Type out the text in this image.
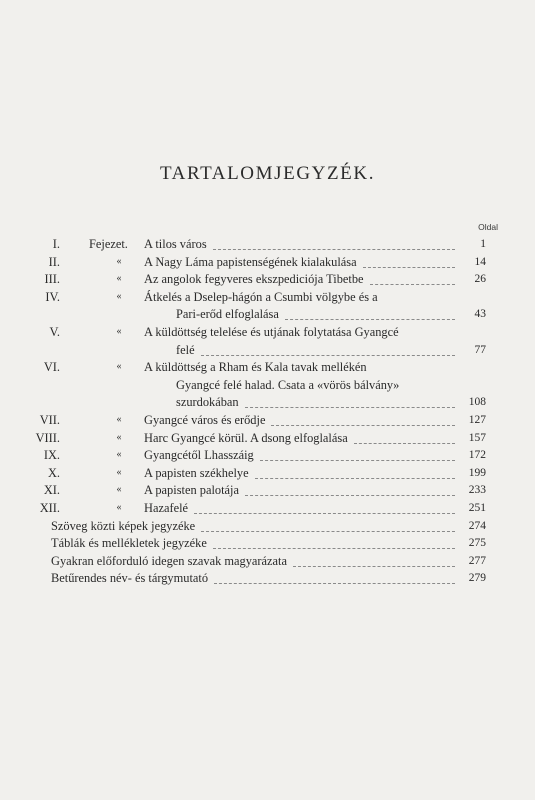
TARTALOMJEGYZÉK.
Oldal
I. Fejezet. A tilos város	1
II.	«	A Nagy Láma papistenségének kialakulása	14
III.	«	Az angolok fegyveres ekszpediciója Tibetbe	26
IV.	«	Átkelés a Dselep-hágón a Csumbi völgybe és a
Pari-erőd elfoglalása	43
V.	«	A küldöttség telelése és utjának folytatása Gyangcé
felé	77
VI.	«	A küldöttség a Rham és Kala tavak mellékén
Gyangcé felé halad. Csata a «vörös bálvány»
szurdokában	108
VII.	«	Gyangcé város és erődje	127
VIII.	«	Harc Gyangcé körül. A dsong elfoglalása	157
IX.	«	Gyangcétől Lhasszáig	172
X.	«	A papisten székhelye	199
XI.	«	A papisten palotája	233
XII.	«	Hazafelé	251
Szöveg közti képek jegyzéke	274
Táblák és mellékletek jegyzéke	275
Gyakran előforduló idegen szavak magyarázata	277
Betűrendes név- és tárgymutató	279
